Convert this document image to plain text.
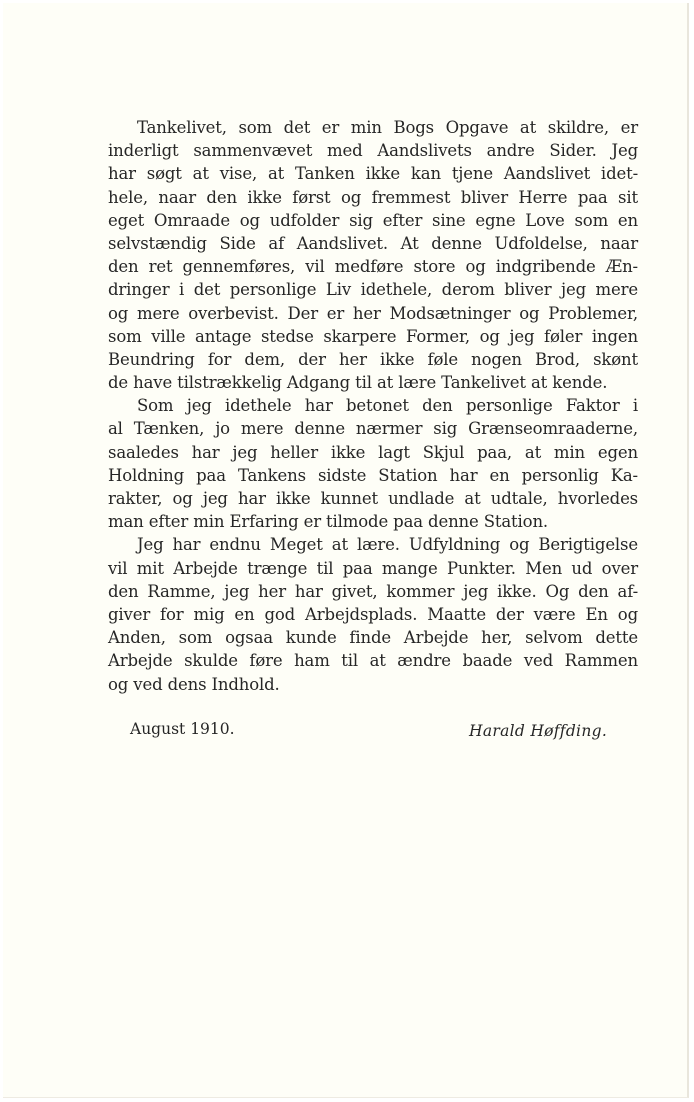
Tankelivet, som det er min Bogs Opgave at skildre, er
inderligt sammenvævet med Aandslivets andre Sider. Jeg
har søgt at vise, at Tanken ikke kan tjene Aandslivet idet-
hele, naar den ikke først og fremmest bliver Herre paa sit
eget Omraade og udfolder sig efter sine egne Love som en
selvstændig Side af Aandslivet. At denne Udfoldelse, naar
den ret gennemføres, vil medføre store og indgribende Æn-
dringer i det personlige Liv idethele, derom bliver jeg mere
og mere overbevist. Der er her Modsætninger og Problemer,
som ville antage stedse skarpere Former, og jeg føler ingen
Beundring for dem, der her ikke føle nogen Brod, skønt
de have tilstrækkelig Adgang til at lære Tankelivet at kende.
Som jeg idethele har betonet den personlige Faktor i
al Tænken, jo mere denne nærmer sig Grænseomraaderne,
saaledes har jeg heller ikke lagt Skjul paa, at min egen
Holdning paa Tankens sidste Station har en personlig Ka-
rakter, og jeg har ikke kunnet undlade at udtale, hvorledes
man efter min Erfaring er tilmode paa denne Station.
Jeg har endnu Meget at lære. Udfyldning og Berigtigelse
vil mit Arbejde trænge til paa mange Punkter. Men ud over
den Ramme, jeg her har givet, kommer jeg ikke. Og den af-
giver for mig en god Arbejdsplads. Maatte der være En og
Anden, som ogsaa kunde finde Arbejde her, selvom dette
Arbejde skulde føre ham til at ændre baade ved Rammen
og ved dens Indhold.
August 1910.	Harald Høffding.
